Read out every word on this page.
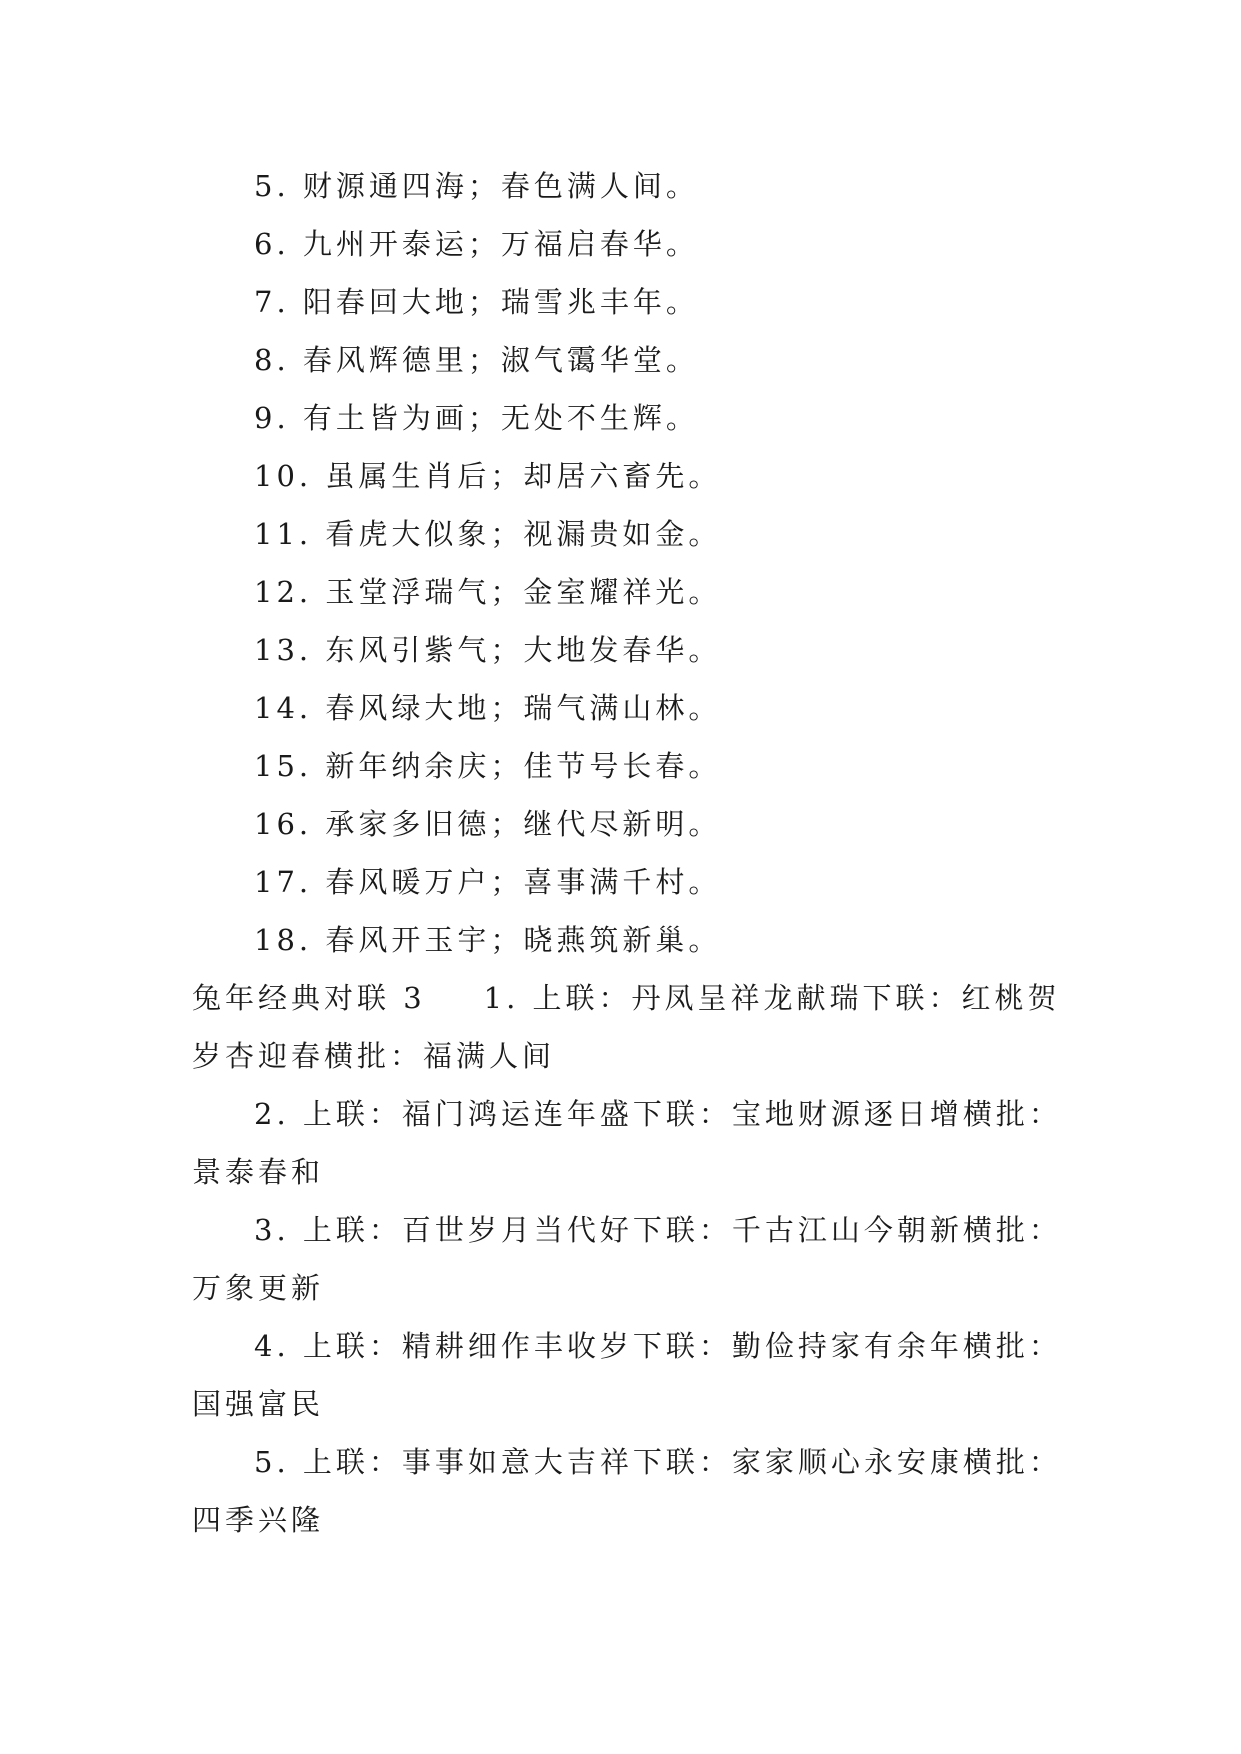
5. 财源通四海；春色满人间。
6. 九州开泰运；万福启春华。
7. 阳春回大地；瑞雪兆丰年。
8. 春风辉德里；淑气霭华堂。
9. 有土皆为画；无处不生辉。
10. 虽属生肖后；却居六畜先。
11. 看虎大似象；视漏贵如金。
12. 玉堂浮瑞气；金室耀祥光。
13. 东风引紫气；大地发春华。
14. 春风绿大地；瑞气满山林。
15. 新年纳余庆；佳节号长春。
16. 承家多旧德；继代尽新明。
17. 春风暖万户；喜事满千村。
18. 春风开玉宇；晓燕筑新巢。
兔年经典对联 3 1. 上联：丹凤呈祥龙献瑞下联：红桃贺
岁杏迎春横批：福满人间
2. 上联：福门鸿运连年盛下联：宝地财源逐日增横批：
景泰春和
3. 上联：百世岁月当代好下联：千古江山今朝新横批：
万象更新
4. 上联：精耕细作丰收岁下联：勤俭持家有余年横批：
国强富民
5. 上联：事事如意大吉祥下联：家家顺心永安康横批：
四季兴隆
